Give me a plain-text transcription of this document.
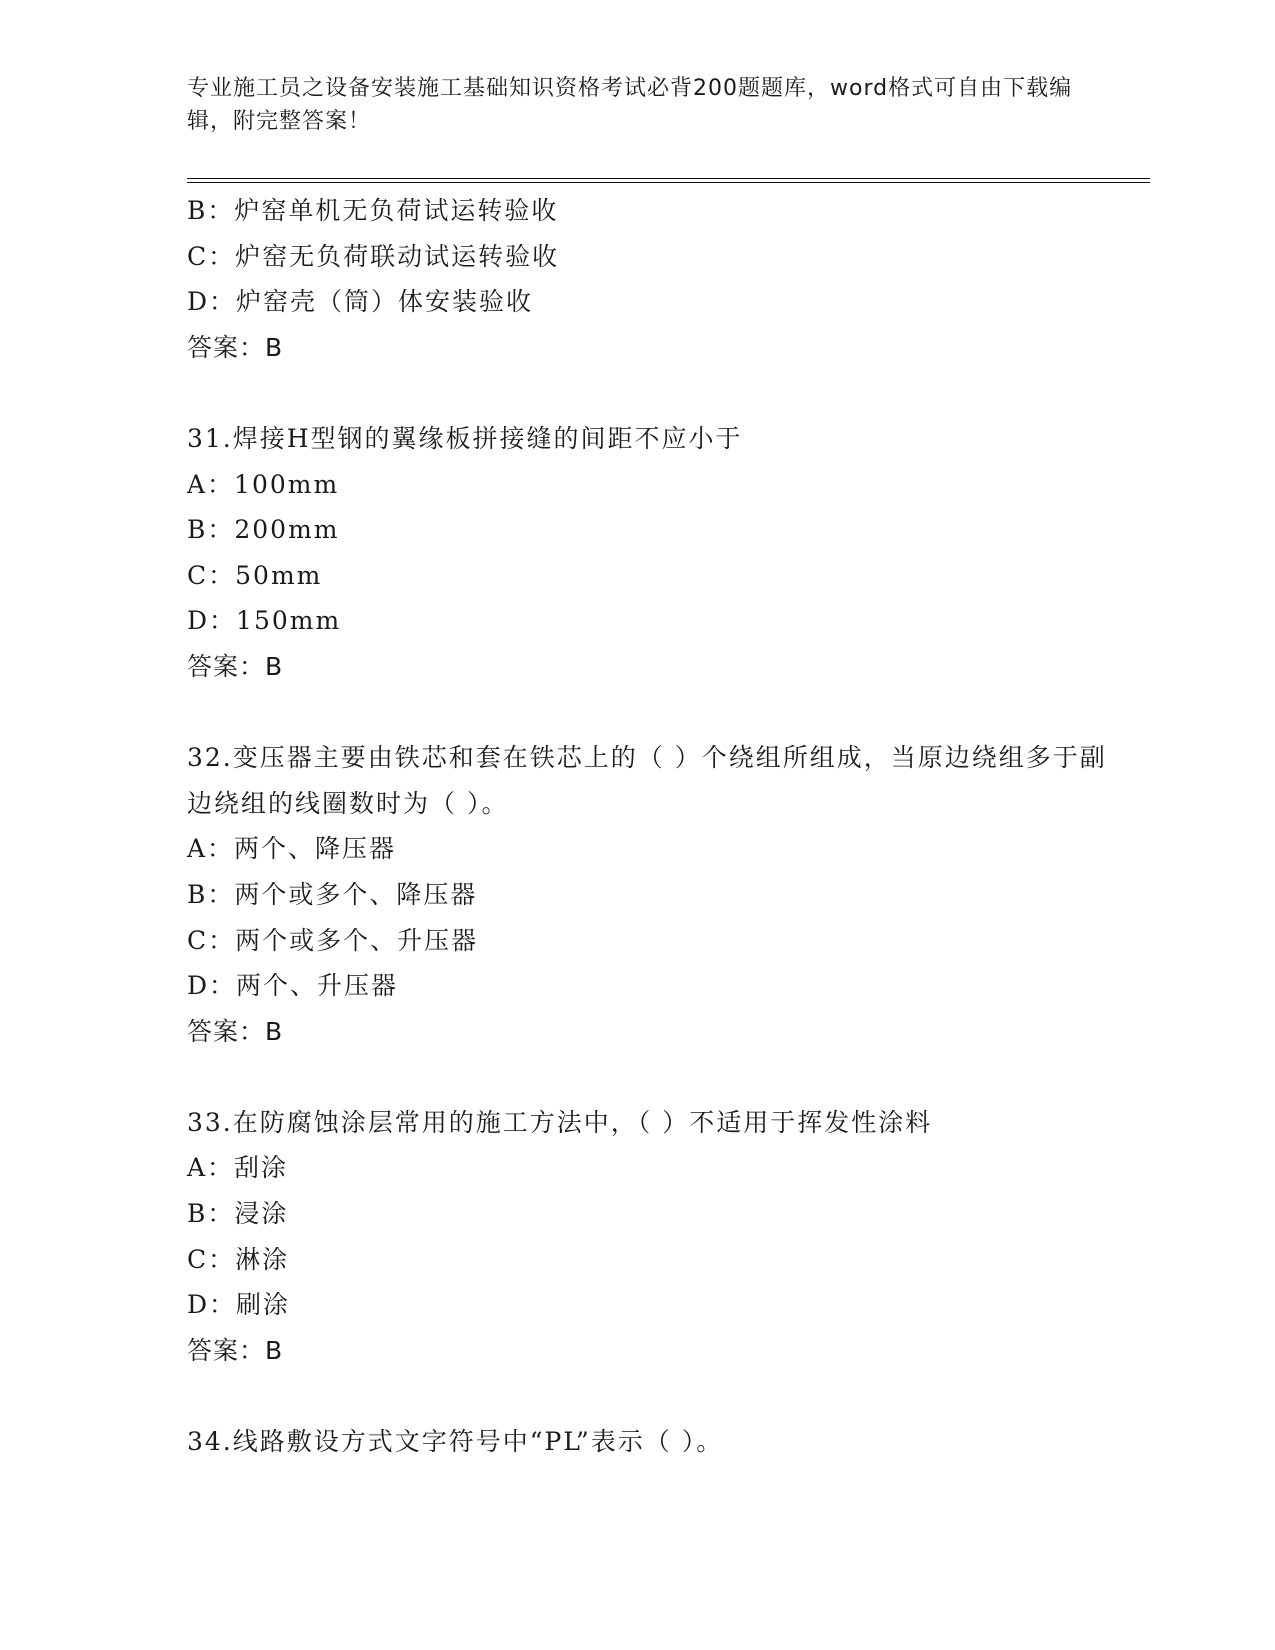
专业施工员之设备安装施工基础知识资格考试必背200题题库，word格式可自由下载编辑，附完整答案！
B：炉窑单机无负荷试运转验收
C：炉窑无负荷联动试运转验收
D：炉窑壳（筒）体安装验收
答案：B
31.焊接H型钢的翼缘板拼接缝的间距不应小于
A：100mm
B：200mm
C：50mm
D：150mm
答案：B
32.变压器主要由铁芯和套在铁芯上的（ ）个绕组所组成，当原边绕组多于副边绕组的线圈数时为（ ）。
A：两个、降压器
B：两个或多个、降压器
C：两个或多个、升压器
D：两个、升压器
答案：B
33.在防腐蚀涂层常用的施工方法中，（ ）不适用于挥发性涂料
A：刮涂
B：浸涂
C：淋涂
D：刷涂
答案：B
34.线路敷设方式文字符号中“PL”表示（ ）。
